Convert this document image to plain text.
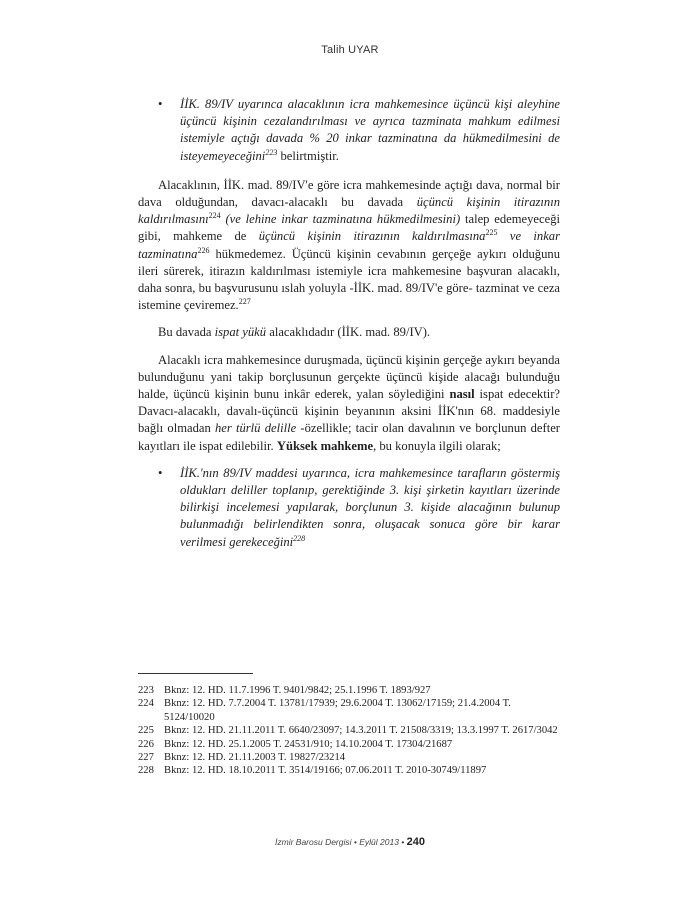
Talih UYAR
• İİK. 89/IV uyarınca alacaklının icra mahkemesince üçüncü kişi aleyhine üçüncü kişinin cezalandırılması ve ayrıca tazminata mahkum edilmesi istemiyle açtığı davada % 20 inkar tazminatına da hükmedilmesini de isteyemeyeceğini$^{223}$ belirtmiştir.

Alacaklının, İİK. mad. 89/IV'e göre icra mahkemesinde açtığı dava, normal bir dava olduğundan, davacı-alacaklı bu davada üçüncü kişinin itirazının kaldırılmasını$^{224}$ (ve lehine inkar tazminatına hükmedilmesini) talep edemeyeceği gibi, mahkeme de üçüncü kişinin itirazının kaldırılmasına$^{225}$ ve inkar tazminatına$^{226}$ hükmedemez. Üçüncü kişinin cevabının gerçeğe aykırı olduğunu ileri sürerek, itirazın kaldırılması istemiyle icra mahkemesine başvuran alacaklı, daha sonra, bu başvurusunu ıslah yoluyla -İİK. mad. 89/IV'e göre- tazminat ve ceza istemine çeviremez.$^{227}$

Bu davada ispat yükü alacaklıdadır (İİK. mad. 89/IV).

Alacaklı icra mahkemesince duruşmada, üçüncü kişinin gerçeğe aykırı beyanda bulunduğunu yani takip borçlusunun gerçekte üçüncü kişide alacağı bulunduğu halde, üçüncü kişinin bunu inkâr ederek, yalan söylediğini nasıl ispat edecektir? Davacı-alacaklı, davalı-üçüncü kişinin beyanının aksini İİK'nın 68. maddesiyle bağlı olmadan her türlü delille -özellikle; tacir olan davalının ve borçlunun defter kayıtları ile ispat edilebilir. Yüksek mahkeme, bu konuyla ilgili olarak;

• İİK.'nın 89/IV maddesi uyarınca, icra mahkemesince tarafların göstermiş oldukları deliller toplanıp, gerektiğinde 3. kişi şirketin kayıtları üzerinde bilirkişi incelemesi yapılarak, borçlunun 3. kişide alacağının bulunup bulunmadığı belirlendikten sonra, oluşacak sonuca göre bir karar verilmesi gerekeceğini$^{228}$
223 Bknz: 12. HD. 11.7.1996 T. 9401/9842; 25.1.1996 T. 1893/927
224 Bknz: 12. HD. 7.7.2004 T. 13781/17939; 29.6.2004 T. 13062/17159; 21.4.2004 T. 5124/10020
225 Bknz: 12. HD. 21.11.2011 T. 6640/23097; 14.3.2011 T. 21508/3319; 13.3.1997 T. 2617/3042
226 Bknz: 12. HD. 25.1.2005 T. 24531/910; 14.10.2004 T. 17304/21687
227 Bknz: 12. HD. 21.11.2003 T. 19827/23214
228 Bknz: 12. HD. 18.10.2011 T. 3514/19166; 07.06.2011 T. 2010-30749/11897
İzmir Barosu Dergisi • Eylül 2013 • 240
